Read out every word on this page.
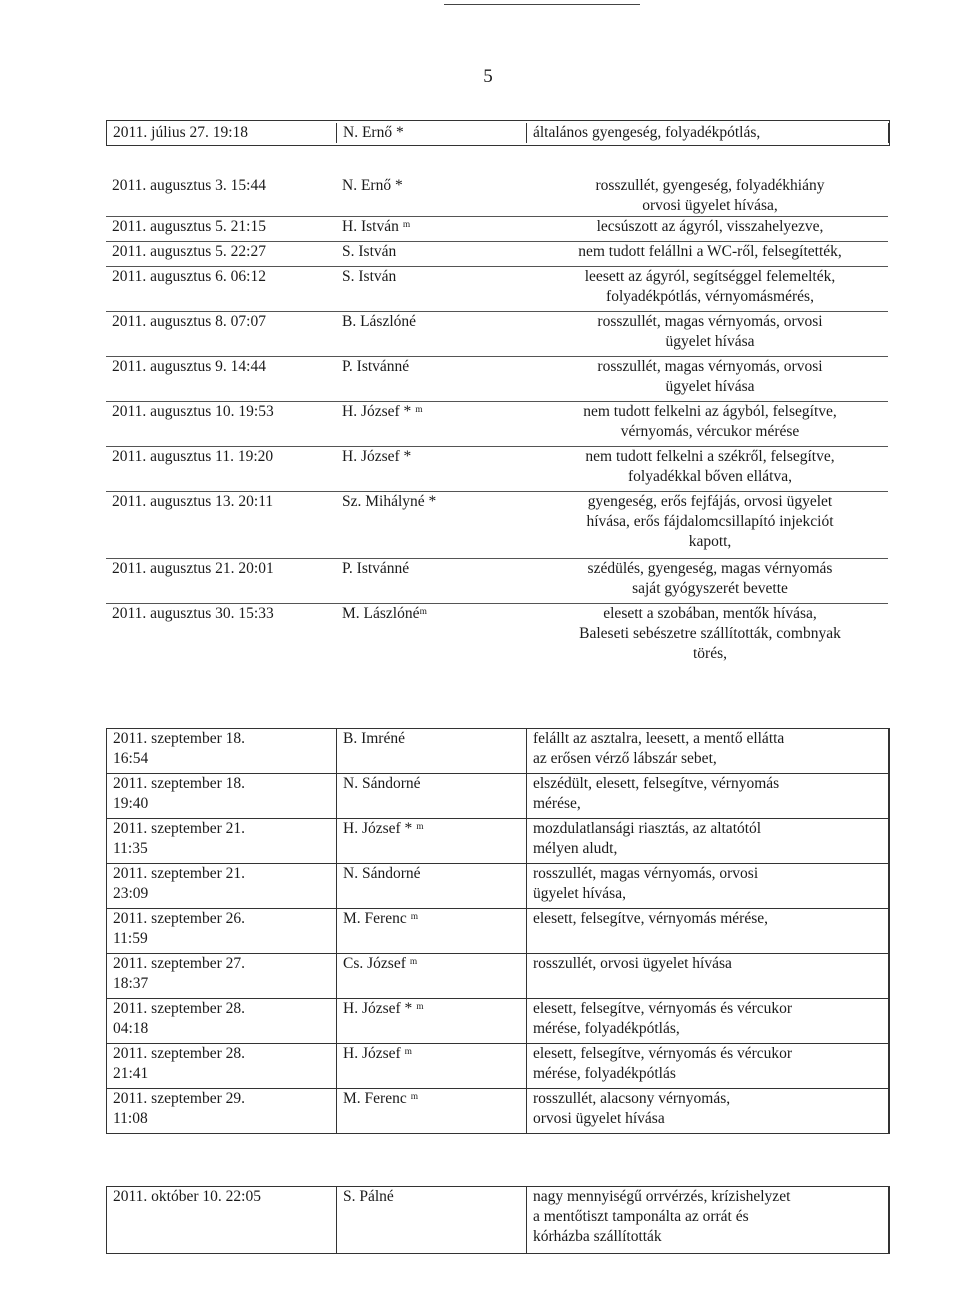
5
2011. július 27. 19:18	N. Ernő *	általános gyengeség, folyadékpótlás,
2011. augusztus 3. 15:44	N. Ernő *	rosszullét, gyengeség, folyadékhiány
orvosi ügyelet hívása,
2011. augusztus 5. 21:15	H. István ᵐ	lecsúszott az ágyról, visszahelyezve,
2011. augusztus 5. 22:27	S. István	nem tudott felállni a WC-ről, felsegítették,
2011. augusztus 6. 06:12	S. István	leesett az ágyról, segítséggel felemelték,
folyadékpótlás, vérnyomásmérés,
2011. augusztus 8. 07:07	B. Lászlóné	rosszullét, magas vérnyomás, orvosi
ügyelet hívása
2011. augusztus 9. 14:44	P. Istvánné	rosszullét, magas vérnyomás, orvosi
ügyelet hívása
2011. augusztus 10. 19:53	H. József * ᵐ	nem tudott felkelni az ágyból, felsegítve,
vérnyomás, vércukor mérése
2011. augusztus 11. 19:20	H. József *	nem tudott felkelni a székről, felsegítve,
folyadékkal bőven ellátva,
2011. augusztus 13. 20:11	Sz. Mihályné *	gyengeség, erős fejfájás, orvosi ügyelet
hívása, erős fájdalomcsillapító injekciót
kapott,
2011. augusztus 21. 20:01	P. Istvánné	szédülés, gyengeség, magas vérnyomás
saját gyógyszerét bevette
2011. augusztus 30. 15:33	M. Lászlónéᵐ	elesett a szobában, mentők hívása,
Baleseti sebészetre szállították, combnyak
törés,
2011. szeptember 18.
16:54
B. Imréné	felállt az asztalra, leesett, a mentő ellátta
az erősen vérző lábszár sebet,
2011. szeptember 18.
19:40
N. Sándorné	elszédült, elesett, felsegítve, vérnyomás
mérése,
2011. szeptember 21.
11:35
H. József * ᵐ	mozdulatlansági riasztás, az altatótól
mélyen aludt,
2011. szeptember 21.
23:09
N. Sándorné	rosszullét, magas vérnyomás, orvosi
ügyelet hívása,
2011. szeptember 26.
11:59
M. Ferenc ᵐ	elesett, felsegítve, vérnyomás mérése,
2011. szeptember 27.
18:37
Cs. József ᵐ	rosszullét, orvosi ügyelet hívása
2011. szeptember 28.
04:18
H. József * ᵐ	elesett, felsegítve, vérnyomás és vércukor
mérése, folyadékpótlás,
2011. szeptember 28.
21:41
H. József ᵐ	elesett, felsegítve, vérnyomás és vércukor
mérése, folyadékpótlás
2011. szeptember 29.
11:08
M. Ferenc ᵐ	rosszullét, alacsony vérnyomás,
orvosi ügyelet hívása
2011. október 10. 22:05	S. Pálné	nagy mennyiségű orrvérzés, krízishelyzet
a mentőtiszt tamponálta az orrát és
kórházba szállították
